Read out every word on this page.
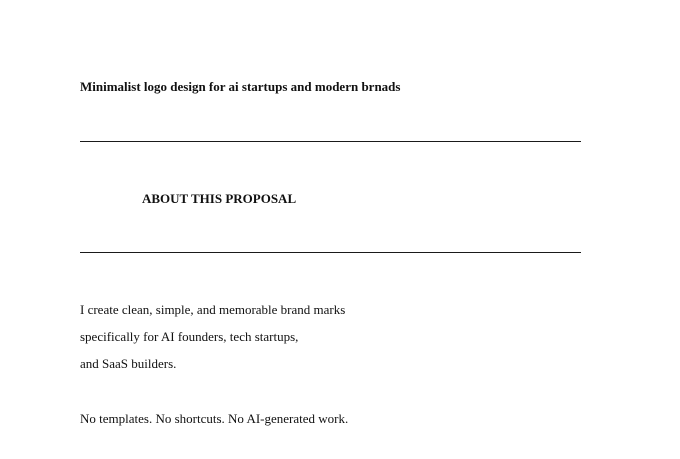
Minimalist logo design for ai startups and modern brnads
ABOUT THIS PROPOSAL
I create clean, simple, and memorable brand marks
specifically for AI founders, tech startups,
and SaaS builders.
No templates. No shortcuts. No AI-generated work.
